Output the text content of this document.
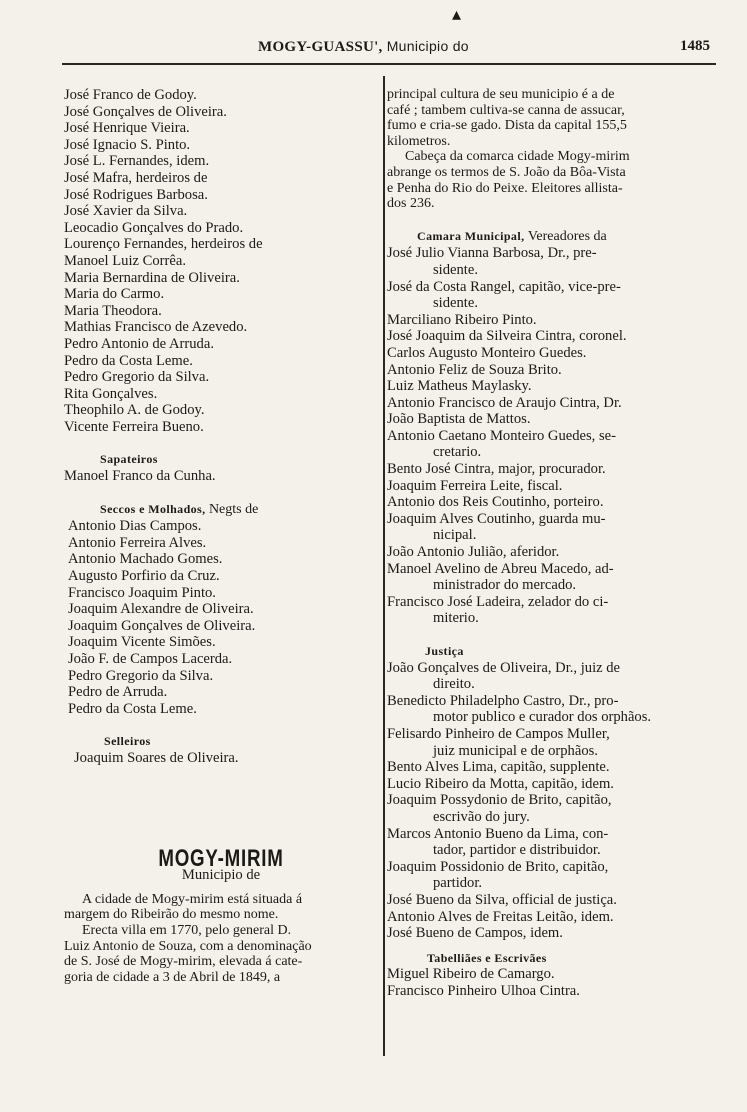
▴
MOGY-GUASSU', Municipio do	1485
José Franco de Godoy.
José Gonçalves de Oliveira.
José Henrique Vieira.
José Ignacio S. Pinto.
José L. Fernandes, idem.
José Mafra, herdeiros de
José Rodrigues Barbosa.
José Xavier da Silva.
Leocadio Gonçalves do Prado.
Lourenço Fernandes, herdeiros de
Manoel Luiz Corrêa.
Maria Bernardina de Oliveira.
Maria do Carmo.
Maria Theodora.
Mathias Francisco de Azevedo.
Pedro Antonio de Arruda.
Pedro da Costa Leme.
Pedro Gregorio da Silva.
Rita Gonçalves.
Theophilo A. de Godoy.
Vicente Ferreira Bueno.
Sapateiros
Manoel Franco da Cunha.
Seccos e Molhados, Negts de
Antonio Dias Campos.
Antonio Ferreira Alves.
Antonio Machado Gomes.
Augusto Porfirio da Cruz.
Francisco Joaquim Pinto.
Joaquim Alexandre de Oliveira.
Joaquim Gonçalves de Oliveira.
Joaquim Vicente Simões.
João F. de Campos Lacerda.
Pedro Gregorio da Silva.
Pedro de Arruda.
Pedro da Costa Leme.
Selleiros
Joaquim Soares de Oliveira.
MOGY-MIRIM
Municipio de
A cidade de Mogy-mirim está situada á
margem do Ribeirão do mesmo nome.
Erecta villa em 1770, pelo general D.
Luiz Antonio de Souza, com a denominação
de S. José de Mogy-mirim, elevada á cate-
goria de cidade a 3 de Abril de 1849, a
principal cultura de seu municipio é a de
café ; tambem cultiva-se canna de assucar,
fumo e cria-se gado. Dista da capital 155,5
kilometros.
Cabeça da comarca cidade Mogy-mirim
abrange os termos de S. João da Bôa-Vista
e Penha do Rio do Peixe. Eleitores allista-
dos 236.
Camara Municipal, Vereadores da
José Julio Vianna Barbosa, Dr., pre-
sidente.
José da Costa Rangel, capitão, vice-pre-
sidente.
Marciliano Ribeiro Pinto.
José Joaquim da Silveira Cintra, coronel.
Carlos Augusto Monteiro Guedes.
Antonio Feliz de Souza Brito.
Luiz Matheus Maylasky.
Antonio Francisco de Araujo Cintra, Dr.
João Baptista de Mattos.
Antonio Caetano Monteiro Guedes, se-
cretario.
Bento José Cintra, major, procurador.
Joaquim Ferreira Leite, fiscal.
Antonio dos Reis Coutinho, porteiro.
Joaquim Alves Coutinho, guarda mu-
nicipal.
João Antonio Julião, aferidor.
Manoel Avelino de Abreu Macedo, ad-
ministrador do mercado.
Francisco José Ladeira, zelador do ci-
miterio.
Justiça
João Gonçalves de Oliveira, Dr., juiz de
direito.
Benedicto Philadelpho Castro, Dr., pro-
motor publico e curador dos orphãos.
Felisardo Pinheiro de Campos Muller,
juiz municipal e de orphãos.
Bento Alves Lima, capitão, supplente.
Lucio Ribeiro da Motta, capitão, idem.
Joaquim Possydonio de Brito, capitão,
escrivão do jury.
Marcos Antonio Bueno da Lima, con-
tador, partidor e distribuidor.
Joaquim Possidonio de Brito, capitão,
partidor.
José Bueno da Silva, official de justiça.
Antonio Alves de Freitas Leitão, idem.
José Bueno de Campos, idem.
Tabelliães e Escrivães
Miguel Ribeiro de Camargo.
Francisco Pinheiro Ulhoa Cintra.
